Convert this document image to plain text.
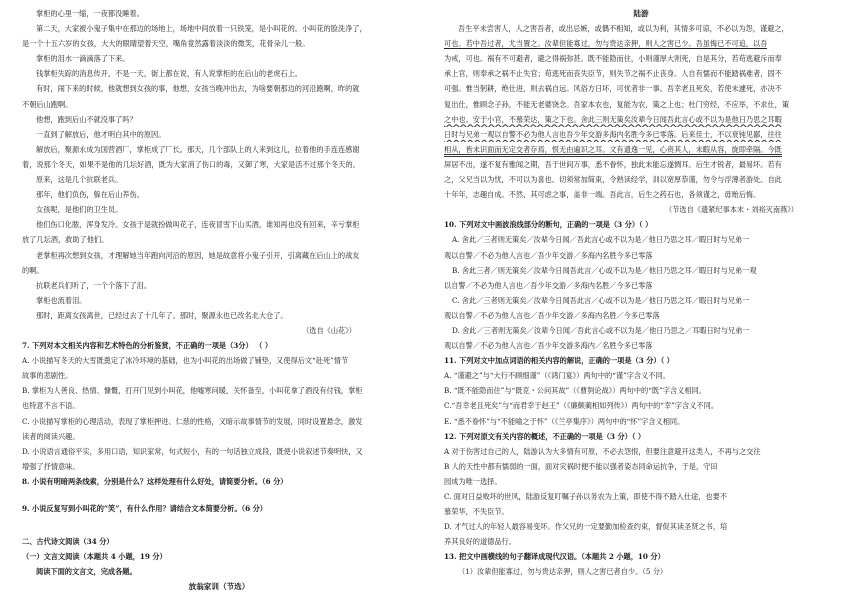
掌柜的心里一缩，一夜都没睡着。

第二天，大家被小鬼子集中在那边的场地上，场地中间放着一只铁笼，是小叫花的。小叫花的脸洗净了，

是一个十五六岁的女孩，大大的眼睛望着天空，嘴角竟然露着淡淡的微笑，花骨朵儿一般。

掌柜的泪水一滴滴落了下来。

钱掌柜失踪的消息传开，不是一天，街上都在说，有人说掌柜的在后山的老虎石上。

有时，闹下来的时候，他就想到女孩的事，他想，女孩当晚冲出去，为啥要朝那边的河沿跑啊，昨的就

不朝后山跑啊。

他想，跑到后山不就没事了吗？

一直到了解放后，他才明白其中的原因。

解放后，聚源永成为国营酒厂，掌柜成了厂长。那天，几个部队上的人来到这儿，拉着他的手连连感谢

着，说那个冬天，如果不是他的几坛好酒，既为大家消了伤口的毒，又御了寒，大家是活不过那个冬天的。

原来，这是几个抗联老兵。

那年，他们负伤，躲在后山养伤。

女孩呢，是他们的卫生员。

他们伤口化脓，浑身发冷。女孩于是就扮做叫花子，连夜冒雪下山买酒，谁知再也没有回来，辛亏掌柜

放了几坛酒，救助了他们。

老掌柜再次想到女孩，才理解她当年跑向河沿的原因，她是故意将小鬼子引开，引离藏在后山上的战友

的啊。

抗联老兵们听了，一个个落下了泪。

掌柜也流着泪。

那时，距离女孩离世，已经过去了十几年了。那时，聚源永也已改名北大仓了。

（选自《山花》）

7. 下列对本文相关内容和艺术特色的分析鉴赏，不正确的一项是（3分） （ ）

A. 小说描写冬天的大雪既奠定了冰冷环境的基础，也为小叫花的出场做了铺垫，又使得后文“赴死”情节

故事的悲剧性。

B. 掌柜为人善良、热情、慷慨，打开门见到小叫花，他嘘寒问暖，关怀备至，小叫花拿了酒没有付钱，掌柜

也特意不言不语。

C. 小说描写掌柜的心理活动，表现了掌柜押进、仁慈的性格，又暗示故事情节的发展，同时设置悬念，激发

读者的阅读兴趣。

D. 小说语言通俗平实，多用口语，知识家常，句式短小，有的一句话独立成段，既使小说叙述节奏明快，又

增强了抒情意味。

8. 小说有明暗两条线索，分别是什么？这样处理有什么好处，请简要分析。（6 分）

9. 小说反复写到小叫花的“笑”，有什么作用？请结合文本简要分析。（6 分）

二、古代诗文阅读（34 分）

（一）文言文阅读（本题共 4 小题，19 分）

阅读下面的文言文，完成各题。

放翁家训（节选）

陆游

吾生平未尝害人，人之害吾者，或出忌嫉，或偶不相知，或以为利，其情多可谅，不必以为怨，谨避之，

可也。若中吾过者，尤当置之。汝辈但能寡过，勿与贵达亲狎，则人之害已少。吾虽悔已不可追，以吾

为戒，可也。祸有不可避者，避之得祸弥甚。既不能隐而住，小则谨厚大则死，自是其分，若苟逃避斥而奉

承上官，则奉承之祸不止失官；苟逃死而丧失臣节，则失节之祸不止丧身。人自有懦而不能踏祸难者，固不

可强。惟当躬耕，绝仕进，则去祸自远。风俗方日坏，可忧者非一事。吾幸老且死矣，若使未遽死，亦决不

复出仕，惟顾念子孙，不能无老婆饶念。吾家本农也，复能为农，策之上也；杜门穷经，不应举，不求仕，策

之中也。安于小官，不慕荣达，策之下也。舍此三则无策矣汝辈今日闻吾此言心或不以为是他日乃思之耳暇

日时与兄弟一观以自警不必为他人言也吾少年交游多海内名胜今多已零落。后来佳士，不以衰钝见鄙，往往

相从，皆未识面而无定交者存焉，恨无由遍识之耳。文有遗逸一见，心贲其人，未暇从容，旋即牵隔。今既

屏居不出，遂不复有雅闻之期，吾于世间万事，悉不眷怀，独此未能忘遂惆耳。后生才锐者，最易坏。若有

之，父兄当以为忧，不可以为喜也。切须常加简束，令熟读经学，训以宽厚恭谨，勿令与浮薄者游处。自此

十年年，志趣自成。不然，其可虑之事，盖非一端。吾此言，后生之药石也，各须谨之，毋贻后悔。

（节选自《遗紧纪事本末・刘裕灭南燕》）

10. 下列对文中画波浪线部分的断句，正确的一项是（3 分）（ ）

A. 舍此／三者则无策矣／汝辈今日闻／吾此言心或不以为是／他日乃思之耳／暇日时与兄弟一

观以自警／不必为他人言也／吾少年交游／多海内名胜今多已零落

B. 舍此三者／则无策矣／汝辈今日闻吾此言／心或不以为是／他日乃思之耳／暇日时与兄弟一观

以自警／不必为他人言也／吾少年交游／多海内名胜／今多已零落

C. 舍此／三者则无策矣／汝辈今日闻吾此言／心或不以为是／他日乃思之耳／暇日时与兄弟一

观以自警／不必为他人言也／吾少年交游／多海内名胜／今多已零落

D. 舍此／三者则无策矣／汝辈今日闻／吾此言心或不以为是／他日乃思之／耳暇日时与兄弟一

观以自警／不必为他人言也／吾少年交游多海内／名胜今多已零落

11. 下列对文中加点词语的相关内容的解说，正确的一项是（3 分）（ ）

A. “谨避之”与“大行不顾细谨”（《鸿门宴》）两句中的“谨”字含义不同。

B. “既不能隐而住”与“既克・公问其故”（《曹刿论战》）两句中的“既”字含义相同。

C.“吾幸老且死矣”与“而君幸于赵王”（《廉颇蔺相如列传》）两句中的“幸”字含义不同。

E. “悉不眷怀”与“不能喻之于怀”（《兰亭集序》）两句中的“怀”字含义相同。

12. 下列对原文有关内容的概述，不正确的一项是（3 分）（ ）

A 对于伤害过自己的人，陆游认为大多情有可原，不必去怨恨，但要注意避开这类人，不再与之交往

B 人的天性中都有懦弱的一面，面对灾祸时便不能以强者姿态同命运抗争，于是，守田

园成为唯一选择。

C. 面对日益败坏的世风，陆游反复叮嘱子孙以务农为上策，即使不得不踏入仕途，也要不

慕荣华，不失臣节。

D. 才气过人的年轻人最容易变坏。作父兄的一定要勤加检查约束，督促其读圣贤之书，培

养其良好的道德品行。

13. 把文中画横线的句子翻译成现代汉语。（本题共 2 小题，10 分）

（1）汝辈但能寡过，勿与贵达亲狎，则人之害已者自少。（5 分）
